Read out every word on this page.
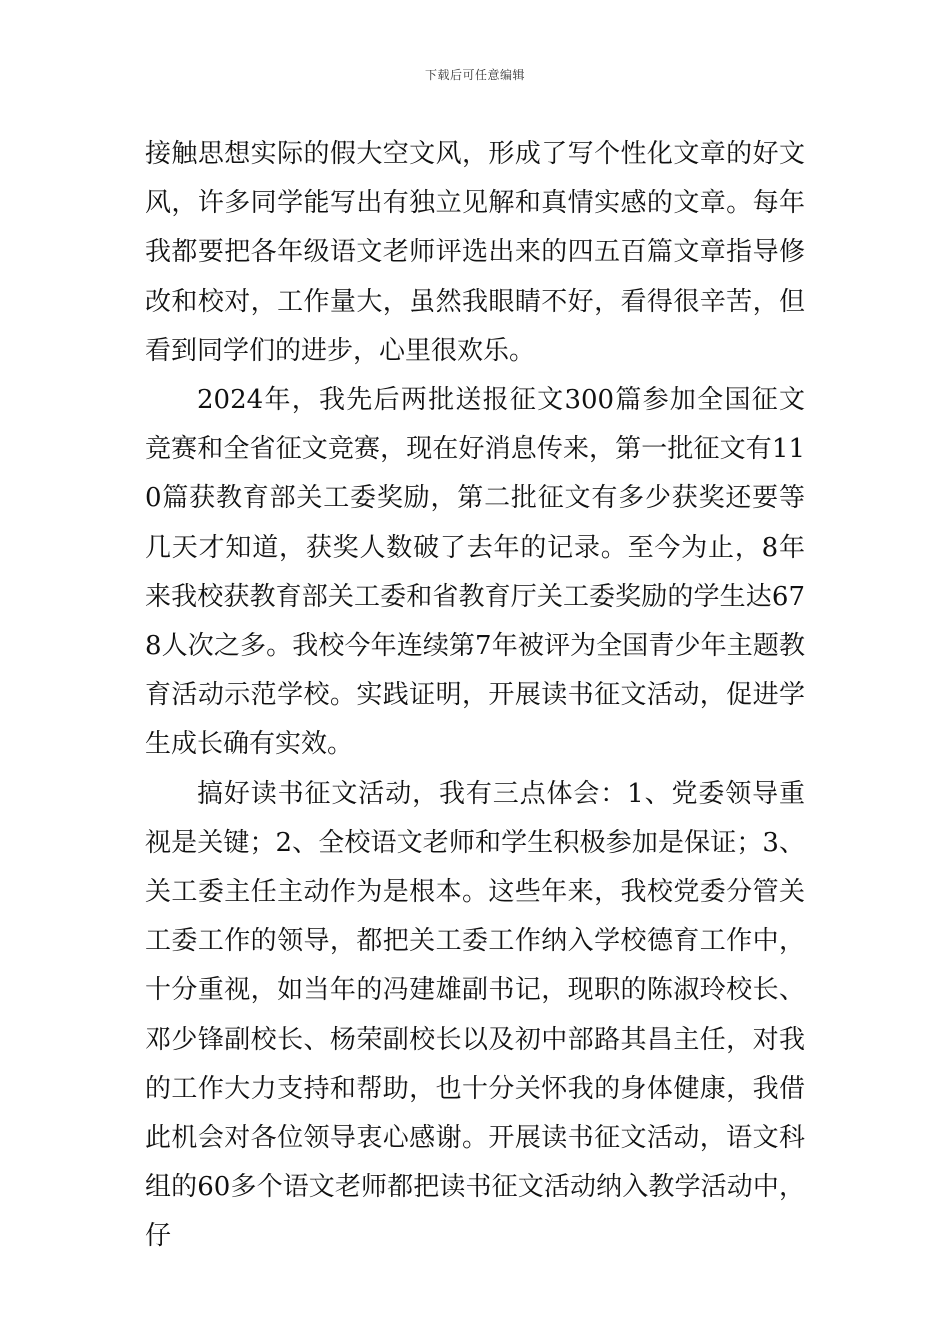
下载后可任意编辑

接触思想实际的假大空文风，形成了写个性化文章的好文风，许多同学能写出有独立见解和真情实感的文章。每年我都要把各年级语文老师评选出来的四五百篇文章指导修改和校对，工作量大，虽然我眼睛不好，看得很辛苦，但看到同学们的进步，心里很欢乐。

2024年，我先后两批送报征文300篇参加全国征文竞赛和全省征文竞赛，现在好消息传来，第一批征文有110篇获教育部关工委奖励，第二批征文有多少获奖还要等几天才知道，获奖人数破了去年的记录。至今为止，8年来我校获教育部关工委和省教育厅关工委奖励的学生达678人次之多。我校今年连续第7年被评为全国青少年主题教育活动示范学校。实践证明，开展读书征文活动，促进学生成长确有实效。

搞好读书征文活动，我有三点体会：1、党委领导重视是关键；2、全校语文老师和学生积极参加是保证；3、关工委主任主动作为是根本。这些年来，我校党委分管关工委工作的领导，都把关工委工作纳入学校德育工作中，十分重视，如当年的冯建雄副书记，现职的陈淑玲校长、邓少锋副校长、杨荣副校长以及初中部路其昌主任，对我的工作大力支持和帮助，也十分关怀我的身体健康，我借此机会对各位领导衷心感谢。开展读书征文活动，语文科组的60多个语文老师都把读书征文活动纳入教学活动中，仔
